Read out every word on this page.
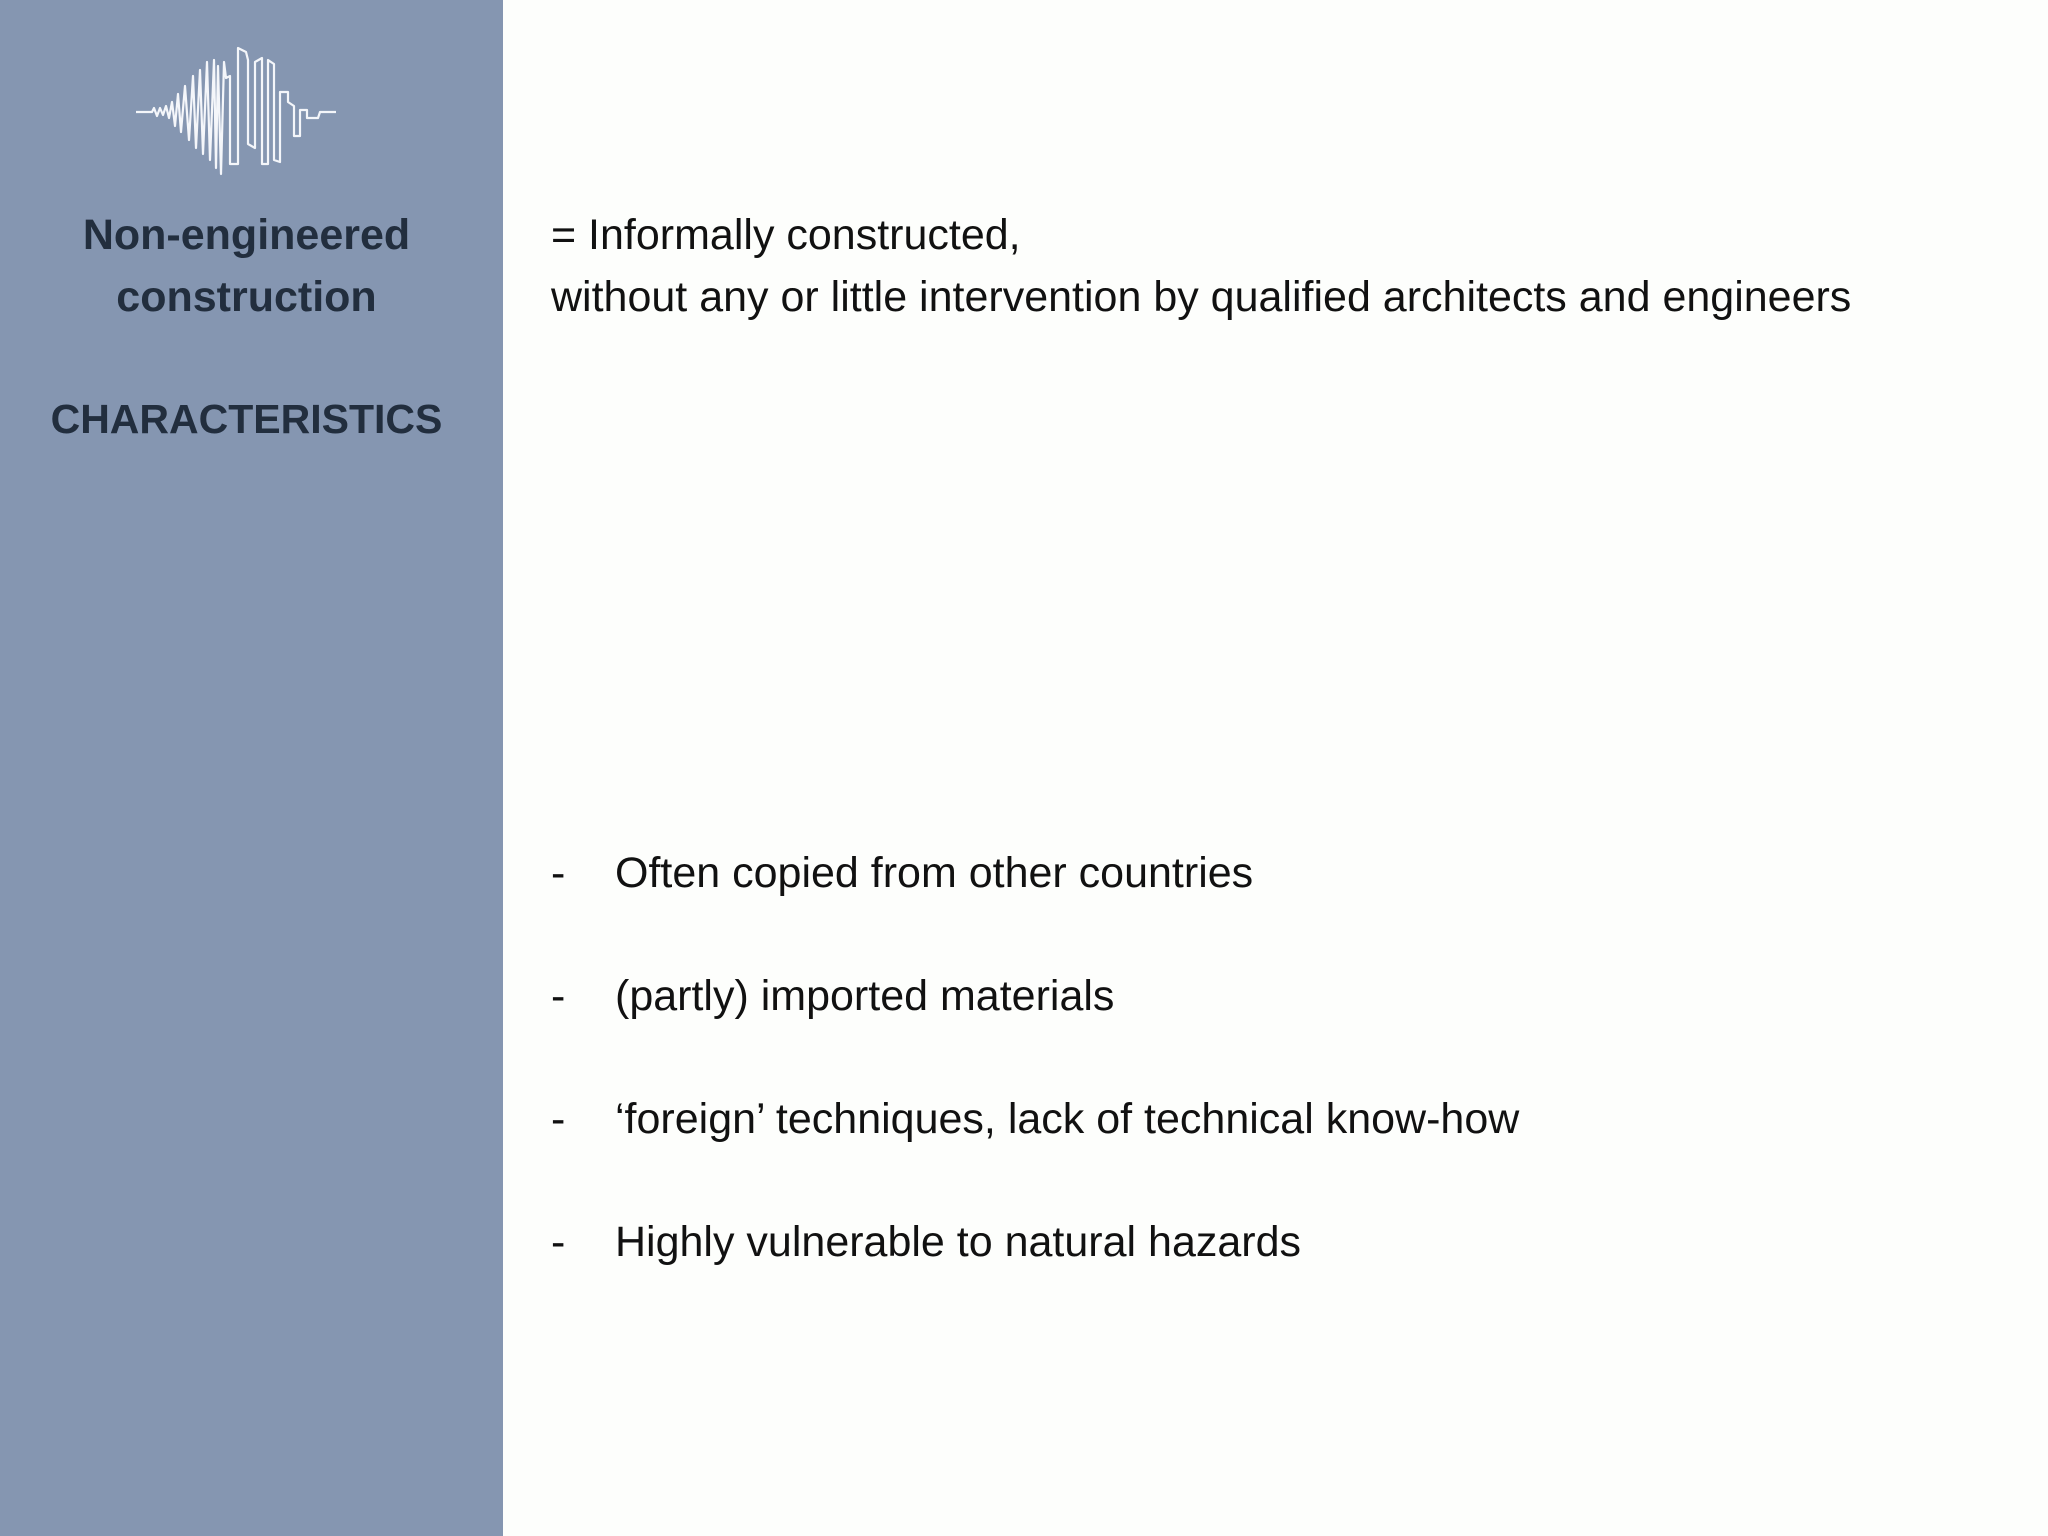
Non-engineered
construction
CHARACTERISTICS
= Informally constructed,
without any or little intervention by qualified architects and engineers
- Often copied from other countries
- (partly) imported materials
- ‘foreign’ techniques, lack of technical know-how
- Highly vulnerable to natural hazards
